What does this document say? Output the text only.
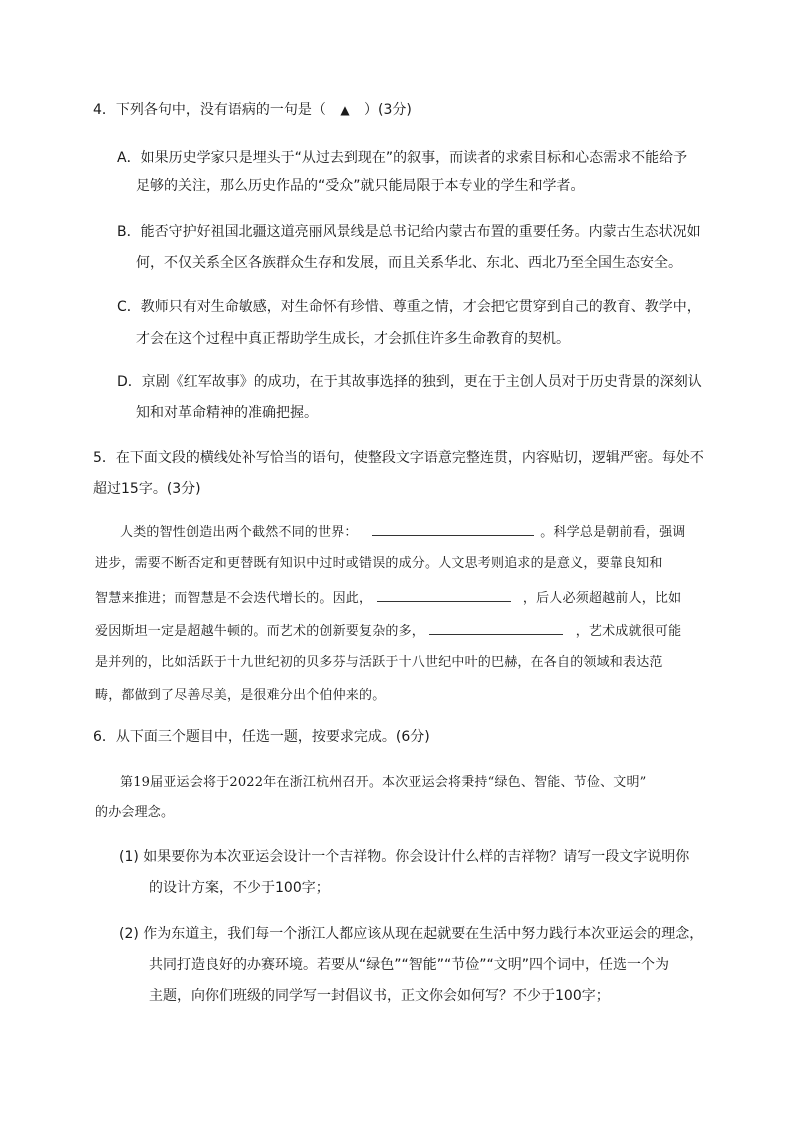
4．下列各句中，没有语病的一句是（ ▲ ）(3分)
A．如果历史学家只是埋头于“从过去到现在”的叙事，而读者的求索目标和心态需求不能给予
足够的关注，那么历史作品的“受众”就只能局限于本专业的学生和学者。
B．能否守护好祖国北疆这道亮丽风景线是总书记给内蒙古布置的重要任务。内蒙古生态状况如
何，不仅关系全区各族群众生存和发展，而且关系华北、东北、西北乃至全国生态安全。
C．教师只有对生命敏感，对生命怀有珍惜、尊重之情，才会把它贯穿到自己的教育、教学中，
才会在这个过程中真正帮助学生成长，才会抓住许多生命教育的契机。
D．京剧《红军故事》的成功，在于其故事选择的独到，更在于主创人员对于历史背景的深刻认
知和对革命精神的准确把握。
5．在下面文段的横线处补写恰当的语句，使整段文字语意完整连贯，内容贴切，逻辑严密。每处不
超过15字。(3分)
人类的智性创造出两个截然不同的世界：	。科学总是朝前看，强调
进步，需要不断否定和更替既有知识中过时或错误的成分。人文思考则追求的是意义，要靠良知和
智慧来推进；而智慧是不会迭代增长的。因此，	，后人必须超越前人，比如
爱因斯坦一定是超越牛顿的。而艺术的创新要复杂的多，	，艺术成就很可能
是并列的，比如活跃于十九世纪初的贝多芬与活跃于十八世纪中叶的巴赫，在各自的领域和表达范
畴，都做到了尽善尽美，是很难分出个伯仲来的。
6．从下面三个题目中，任选一题，按要求完成。(6分)
第19届亚运会将于2022年在浙江杭州召开。本次亚运会将秉持“绿色、智能、节俭、文明”
的办会理念。
(1) 如果要你为本次亚运会设计一个吉祥物。你会设计什么样的吉祥物？请写一段文字说明你
的设计方案，不少于100字；
(2) 作为东道主，我们每一个浙江人都应该从现在起就要在生活中努力践行本次亚运会的理念，
共同打造良好的办赛环境。若要从“绿色”“智能”“节俭”“文明”四个词中，任选一个为
主题，向你们班级的同学写一封倡议书，正文你会如何写？不少于100字；
